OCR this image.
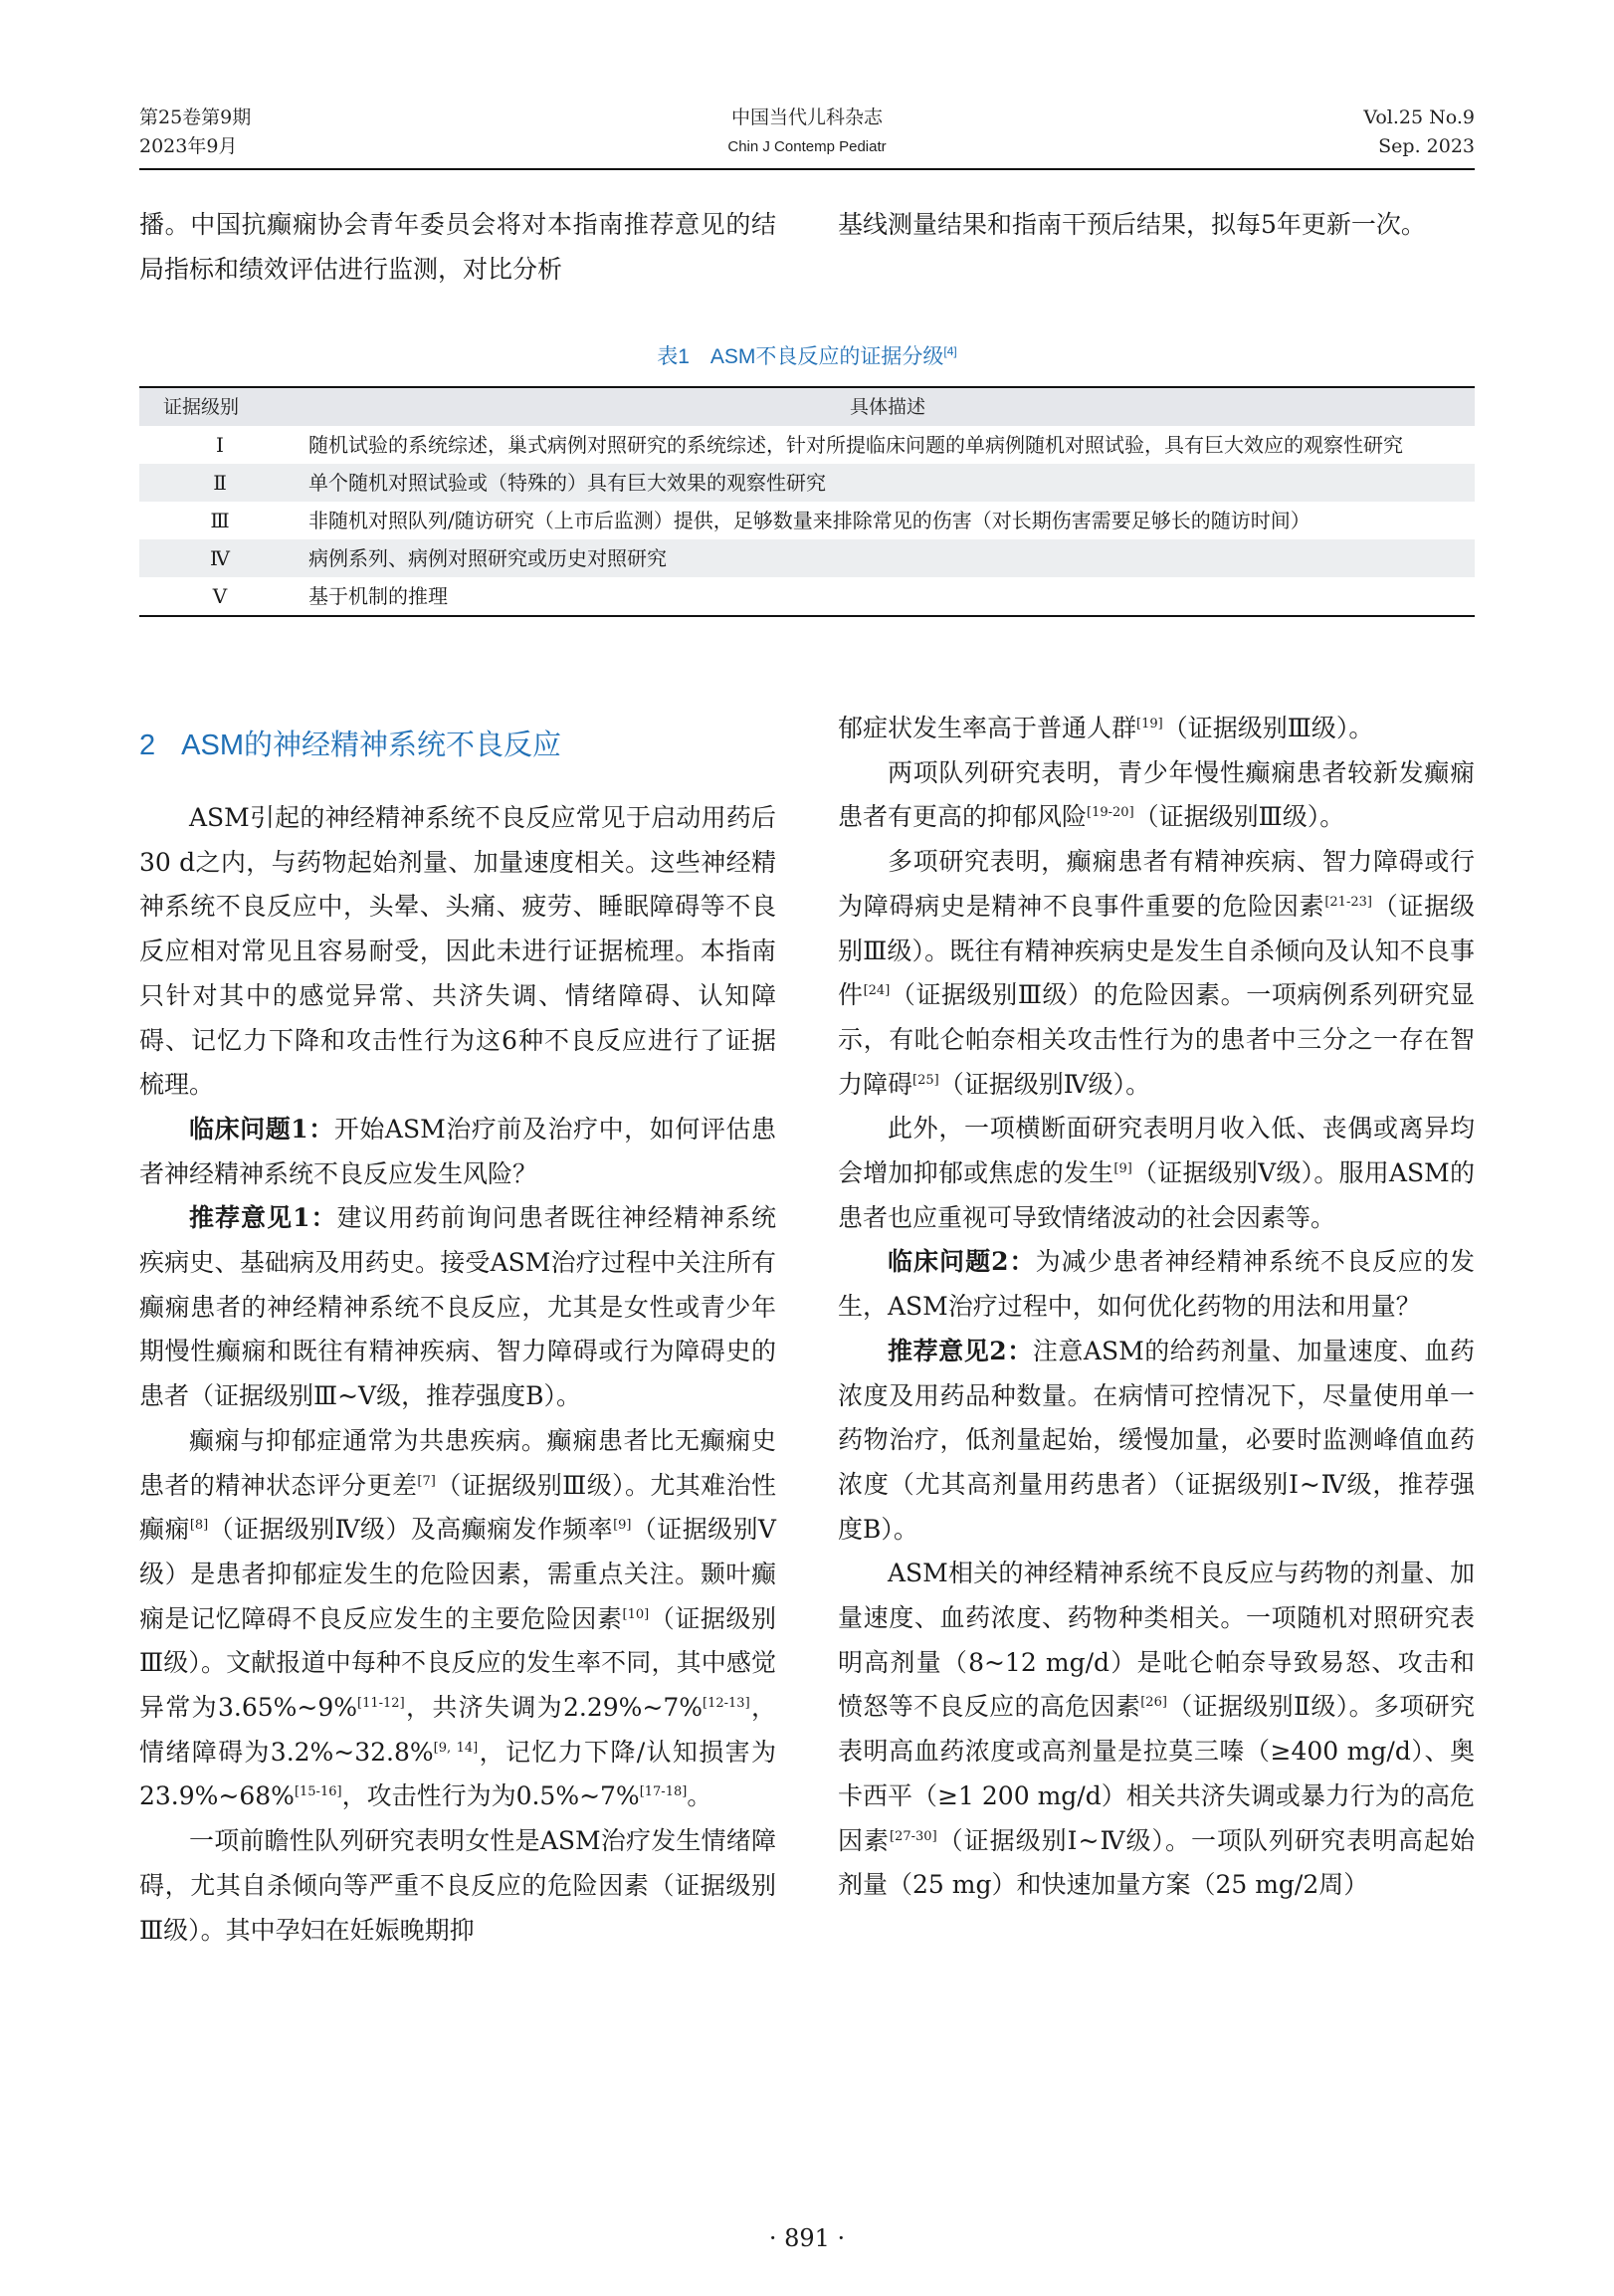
第25卷第9期
2023年9月
中国当代儿科杂志
Chin J Contemp Pediatr
Vol.25 No.9
Sep. 2023

播。中国抗癫痫协会青年委员会将对本指南推荐意见的结局指标和绩效评估进行监测，对比分析

基线测量结果和指南干预后结果，拟每5年更新一次。

表1　ASM不良反应的证据分级[4]
证据级别	具体描述
Ⅰ	随机试验的系统综述，巢式病例对照研究的系统综述，针对所提临床问题的单病例随机对照试验，具有巨大效应的观察性研究
Ⅱ	单个随机对照试验或（特殊的）具有巨大效果的观察性研究
Ⅲ	非随机对照队列/随访研究（上市后监测）提供，足够数量来排除常见的伤害（对长期伤害需要足够长的随访时间）
Ⅳ	病例系列、病例对照研究或历史对照研究
Ⅴ	基于机制的推理
2 ASM的神经精神系统不良反应

ASM引起的神经精神系统不良反应常见于启动用药后30 d之内，与药物起始剂量、加量速度相关。这些神经精神系统不良反应中，头晕、头痛、疲劳、睡眠障碍等不良反应相对常见且容易耐受，因此未进行证据梳理。本指南只针对其中的感觉异常、共济失调、情绪障碍、认知障碍、记忆力下降和攻击性行为这6种不良反应进行了证据梳理。

临床问题1：开始ASM治疗前及治疗中，如何评估患者神经精神系统不良反应发生风险？

推荐意见1：建议用药前询问患者既往神经精神系统疾病史、基础病及用药史。接受ASM治疗过程中关注所有癫痫患者的神经精神系统不良反应，尤其是女性或青少年期慢性癫痫和既往有精神疾病、智力障碍或行为障碍史的患者（证据级别Ⅲ~Ⅴ级，推荐强度B）。

癫痫与抑郁症通常为共患疾病。癫痫患者比无癫痫史患者的精神状态评分更差[7]（证据级别Ⅲ级）。尤其难治性癫痫[8]（证据级别Ⅳ级）及高癫痫发作频率[9]（证据级别Ⅴ级）是患者抑郁症发生的危险因素，需重点关注。颞叶癫痫是记忆障碍不良反应发生的主要危险因素[10]（证据级别Ⅲ级）。文献报道中每种不良反应的发生率不同，其中感觉异常为3.65%~9%[11-12]，共济失调为2.29%~7%[12-13]，情绪障碍为3.2%~32.8%[9, 14]，记忆力下降/认知损害为23.9%~68%[15-16]，攻击性行为为0.5%~7%[17-18]。

一项前瞻性队列研究表明女性是ASM治疗发生情绪障碍，尤其自杀倾向等严重不良反应的危险因素（证据级别Ⅲ级）。其中孕妇在妊娠晚期抑

郁症状发生率高于普通人群[19]（证据级别Ⅲ级）。

两项队列研究表明，青少年慢性癫痫患者较新发癫痫患者有更高的抑郁风险[19-20]（证据级别Ⅲ级）。

多项研究表明，癫痫患者有精神疾病、智力障碍或行为障碍病史是精神不良事件重要的危险因素[21-23]（证据级别Ⅲ级）。既往有精神疾病史是发生自杀倾向及认知不良事件[24]（证据级别Ⅲ级）的危险因素。一项病例系列研究显示，有吡仑帕奈相关攻击性行为的患者中三分之一存在智力障碍[25]（证据级别Ⅳ级）。

此外，一项横断面研究表明月收入低、丧偶或离异均会增加抑郁或焦虑的发生[9]（证据级别Ⅴ级）。服用ASM的患者也应重视可导致情绪波动的社会因素等。

临床问题2：为减少患者神经精神系统不良反应的发生，ASM治疗过程中，如何优化药物的用法和用量？

推荐意见2：注意ASM的给药剂量、加量速度、血药浓度及用药品种数量。在病情可控情况下，尽量使用单一药物治疗，低剂量起始，缓慢加量，必要时监测峰值血药浓度（尤其高剂量用药患者）（证据级别Ⅰ~Ⅳ级，推荐强度B）。

ASM相关的神经精神系统不良反应与药物的剂量、加量速度、血药浓度、药物种类相关。一项随机对照研究表明高剂量（8~12 mg/d）是吡仑帕奈导致易怒、攻击和愤怒等不良反应的高危因素[26]（证据级别Ⅱ级）。多项研究表明高血药浓度或高剂量是拉莫三嗪（≥400 mg/d）、奥卡西平（≥1 200 mg/d）相关共济失调或暴力行为的高危因素[27-30]（证据级别Ⅰ~Ⅳ级）。一项队列研究表明高起始剂量（25 mg）和快速加量方案（25 mg/2周）

· 891 ·
